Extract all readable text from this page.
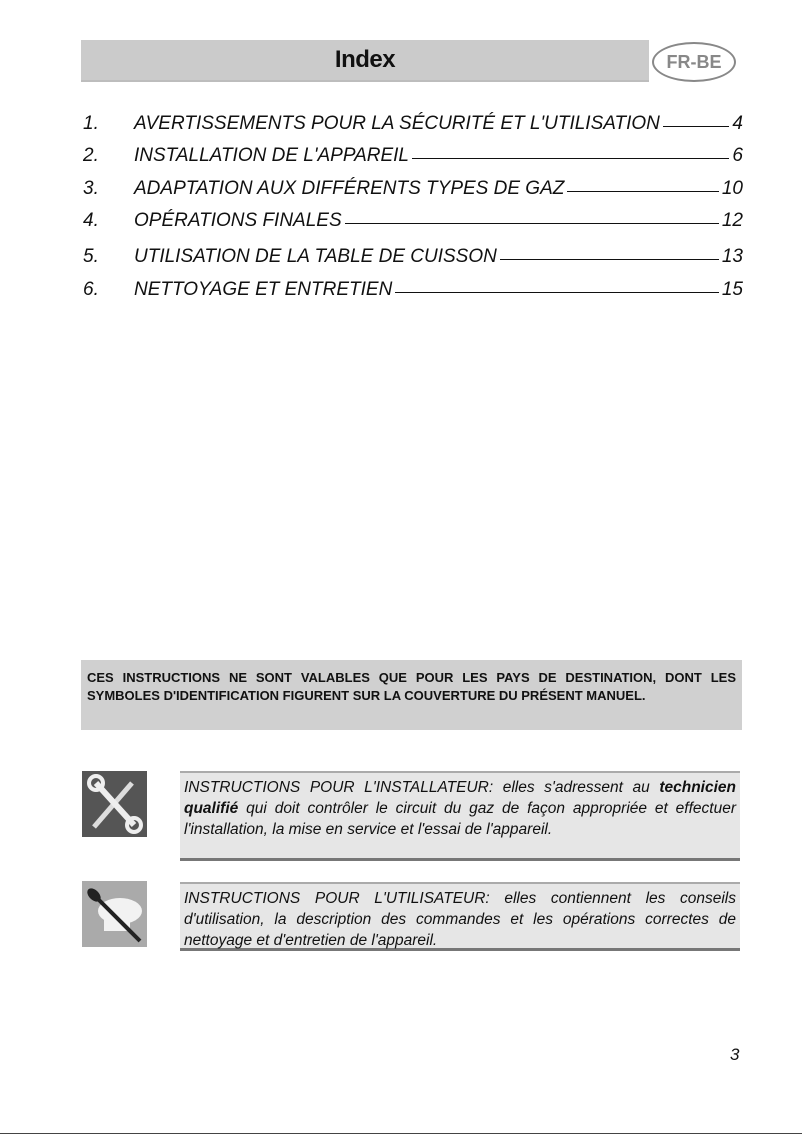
Index	FR-BE
1.	AVERTISSEMENTS POUR LA SÉCURITÉ ET L'UTILISATION	4
2.	INSTALLATION DE L'APPAREIL	6
3.	ADAPTATION AUX DIFFÉRENTS TYPES DE GAZ	10
4.	OPÉRATIONS FINALES	12
5.	UTILISATION DE LA TABLE DE CUISSON	13
6.	NETTOYAGE ET ENTRETIEN	15
CES INSTRUCTIONS NE SONT VALABLES QUE POUR LES PAYS DE DESTINATION, DONT LES SYMBOLES D'IDENTIFICATION FIGURENT SUR LA COUVERTURE DU PRÉSENT MANUEL.
INSTRUCTIONS POUR L'INSTALLATEUR: elles s'adressent au technicien qualifié qui doit contrôler le circuit du gaz de façon appropriée et effectuer l'installation, la mise en service et l'essai de l'appareil.
INSTRUCTIONS POUR L'UTILISATEUR: elles contiennent les conseils d'utilisation, la description des commandes et les opérations correctes de nettoyage et d'entretien de l'appareil.
3
